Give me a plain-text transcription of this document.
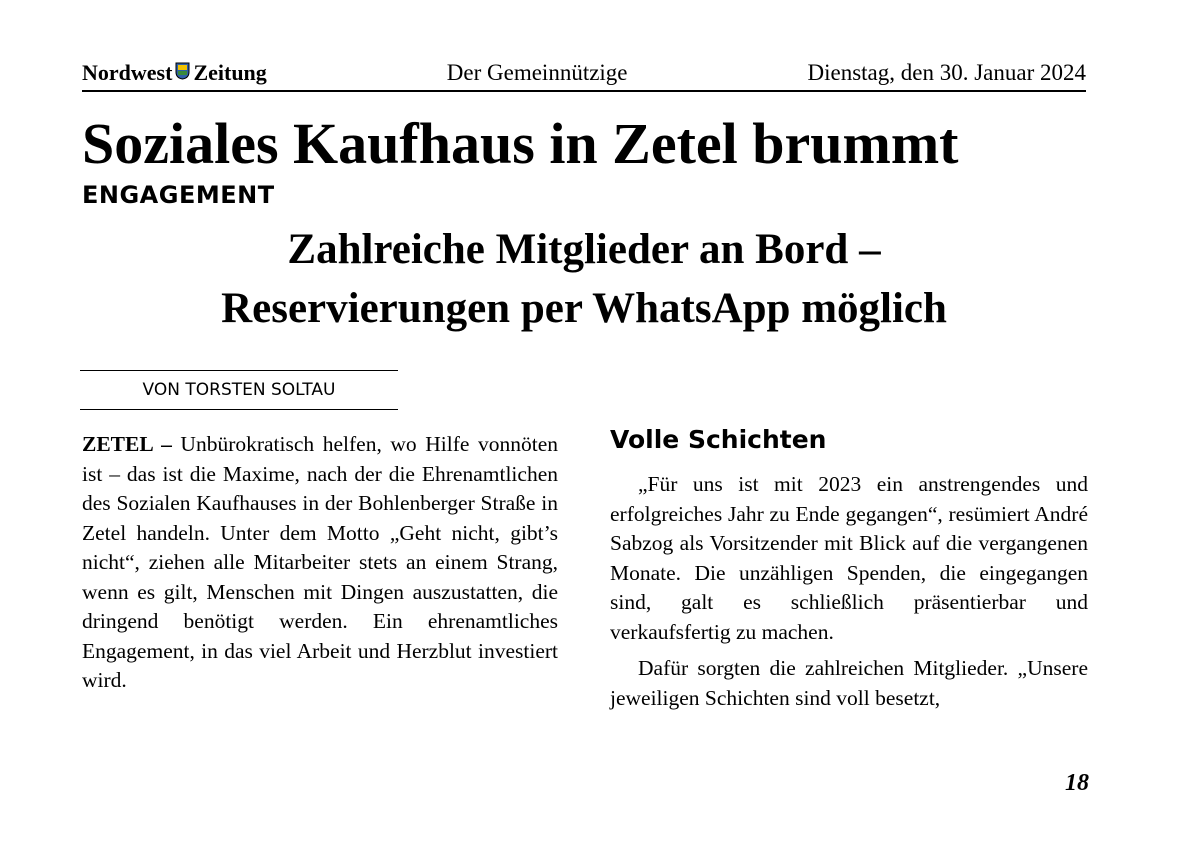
Nordwest Zeitung	Der Gemeinnützige	Dienstag, den 30. Januar 2024
Soziales Kaufhaus in Zetel brummt
ENGAGEMENT
Zahlreiche Mitglieder an Bord –
Reservierungen per WhatsApp möglich
VON TORSTEN SOLTAU

ZETEL – Unbürokratisch helfen, wo Hilfe vonnöten ist – das ist die Maxime, nach der die Ehrenamtlichen des Sozialen Kaufhauses in der Bohlenberger Straße in Zetel handeln. Unter dem Motto „Geht nicht, gibt’s nicht“, ziehen alle Mitarbeiter stets an einem Strang, wenn es gilt, Menschen mit Dingen auszustatten, die dringend benötigt werden. Ein ehrenamtliches Engagement, in das viel Arbeit und Herzblut investiert wird.

Volle Schichten

„Für uns ist mit 2023 ein anstrengendes und erfolgreiches Jahr zu Ende gegangen“, resümiert André Sabzog als Vorsitzender mit Blick auf die vergangenen Monate. Die unzähligen Spenden, die eingegangen sind, galt es schließlich präsentierbar und verkaufsfertig zu machen.

Dafür sorgten die zahlreichen Mitglieder. „Unsere jeweiligen Schichten sind voll besetzt,

18
